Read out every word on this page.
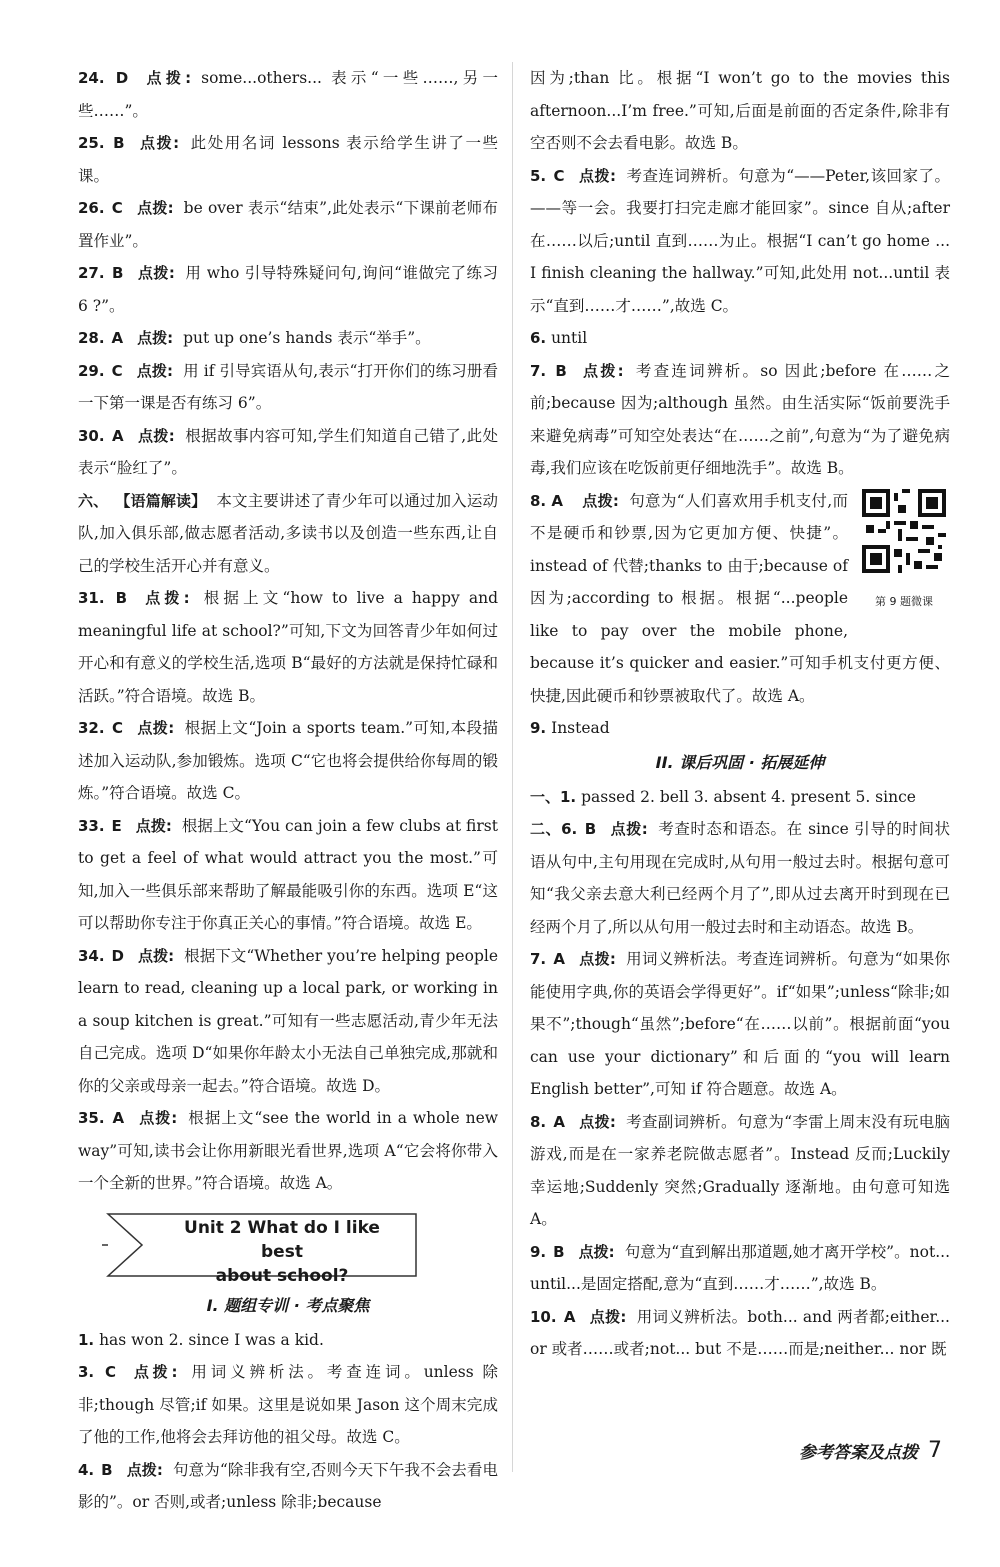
24. D 点拨: some...others... 表示“一些……,另一些……”。

25. B 点拨: 此处用名词 lessons 表示给学生讲了一些课。

26. C 点拨: be over 表示“结束”,此处表示“下课前老师布置作业”。

27. B 点拨: 用 who 引导特殊疑问句,询问“谁做完了练习 6 ?”。

28. A 点拨: put up one’s hands 表示“举手”。

29. C 点拨: 用 if 引导宾语从句,表示“打开你们的练习册看一下第一课是否有练习 6”。

30. A 点拨: 根据故事内容可知,学生们知道自己错了,此处表示“脸红了”。

六、 【语篇解读】 本文主要讲述了青少年可以通过加入运动队,加入俱乐部,做志愿者活动,多读书以及创造一些东西,让自己的学校生活开心并有意义。

31. B 点拨: 根据上文“how to live a happy and meaningful life at school?”可知,下文为回答青少年如何过开心和有意义的学校生活,选项 B“最好的方法就是保持忙碌和活跃。”符合语境。故选 B。

32. C 点拨: 根据上文“Join a sports team.”可知,本段描述加入运动队,参加锻炼。选项 C“它也将会提供给你每周的锻炼。”符合语境。故选 C。

33. E 点拨: 根据上文“You can join a few clubs at first to get a feel of what would attract you the most.”可知,加入一些俱乐部来帮助了解最能吸引你的东西。选项 E“这可以帮助你专注于你真正关心的事情。”符合语境。故选 E。

34. D 点拨: 根据下文“Whether you’re helping people learn to read, cleaning up a local park, or working in a soup kitchen is great.”可知有一些志愿活动,青少年无法自己完成。选项 D“如果你年龄太小无法自己单独完成,那就和你的父亲或母亲一起去。”符合语境。故选 D。

35. A 点拨: 根据上文“see the world in a whole new way”可知,读书会让你用新眼光看世界,选项 A“它会将你带入一个全新的世界。”符合语境。故选 A。

Unit 2 What do I like best
about school?

I. 题组专训 · 考点聚焦

1. has won 2. since I was a kid.

3. C 点拨: 用词义辨析法。考查连词。unless 除非;though 尽管;if 如果。这里是说如果 Jason 这个周末完成了他的工作,他将会去拜访他的祖父母。故选 C。

4. B 点拨: 句意为“除非我有空,否则今天下午我不会去看电影的”。or 否则,或者;unless 除非;because

因为;than 比。根据“I won’t go to the movies this afternoon...I’m free.”可知,后面是前面的否定条件,除非有空否则不会去看电影。故选 B。

5. C 点拨: 考查连词辨析。句意为“——Peter,该回家了。——等一会。我要打扫完走廊才能回家”。since 自从;after 在……以后;until 直到……为止。根据“I can’t go home ... I finish cleaning the hallway.”可知,此处用 not...until 表示“直到……才……”,故选 C。

6. until

7. B 点拨: 考查连词辨析。so 因此;before 在……之前;because 因为;although 虽然。由生活实际“饭前要洗手来避免病毒”可知空处表达“在……之前”,句意为“为了避免病毒,我们应该在吃饭前更仔细地洗手”。故选 B。

第 9 题微课
8. A 点拨: 句意为“人们喜欢用手机支付,而不是硬币和钞票,因为它更加方便、快捷”。instead of 代替;thanks to 由于;because of 因为;according to 根据。根据“...people like to pay over the mobile phone, because it’s quicker and easier.”可知手机支付更方便、快捷,因此硬币和钞票被取代了。故选 A。

9. Instead

II. 课后巩固 · 拓展延伸

一、1. passed 2. bell 3. absent 4. present 5. since

二、6. B 点拨: 考查时态和语态。在 since 引导的时间状语从句中,主句用现在完成时,从句用一般过去时。根据句意可知“我父亲去意大利已经两个月了”,即从过去离开时到现在已经两个月了,所以从句用一般过去时和主动语态。故选 B。

7. A 点拨: 用词义辨析法。考查连词辨析。句意为“如果你能使用字典,你的英语会学得更好”。if“如果”;unless“除非;如果不”;though“虽然”;before“在……以前”。根据前面“you can use your dictionary”和后面的“you will learn English better”,可知 if 符合题意。故选 A。

8. A 点拨: 考查副词辨析。句意为“李雷上周末没有玩电脑游戏,而是在一家养老院做志愿者”。Instead 反而;Luckily 幸运地;Suddenly 突然;Gradually 逐渐地。由句意可知选 A。

9. B 点拨: 句意为“直到解出那道题,她才离开学校”。not... until...是固定搭配,意为“直到……才……”,故选 B。

10. A 点拨: 用词义辨析法。both... and 两者都;either... or 或者……或者;not... but 不是……而是;neither... nor 既

参考答案及点拨 7
